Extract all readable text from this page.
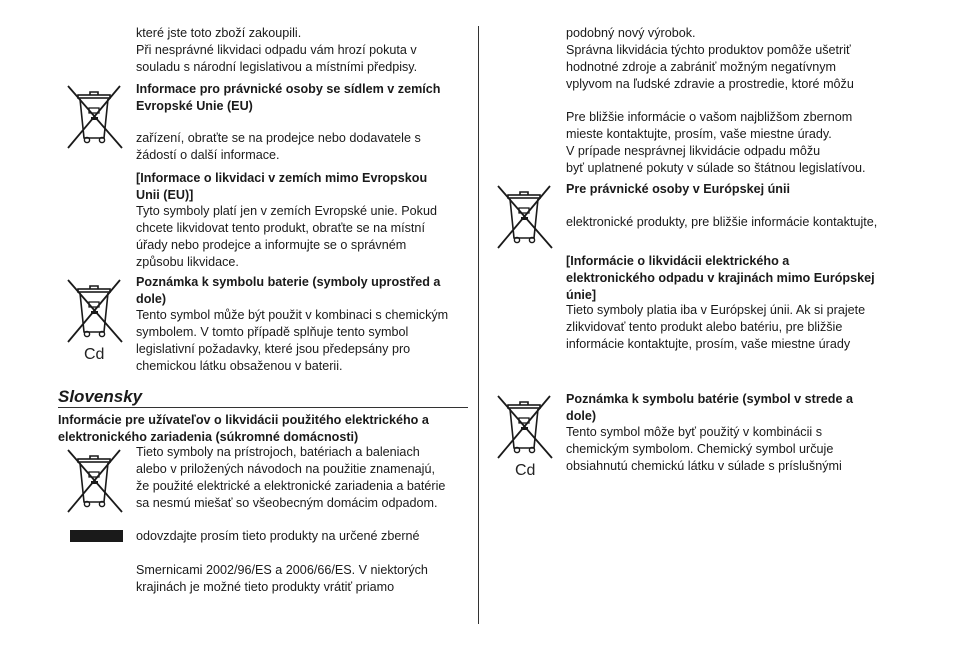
které jste toto zboží zakoupili.

Při nesprávné likvidaci odpadu vám hrozí pokuta v

souladu s národní legislativou a místními předpisy.

Informace pro právnické osoby se sídlem v zemích

Evropské Unie (EU)

zařízení, obraťte se na prodejce nebo dodavatele s

žádostí o další informace.

[Informace o likvidaci v zemích mimo Evropskou

Unii (EU)]

Tyto symboly platí jen v zemích Evropské unie. Pokud

chcete likvidovat tento produkt, obraťte se na místní

úřady nebo prodejce a informujte se o správném

způsobu likvidace.

Cd

Poznámka k symbolu baterie (symboly uprostřed a

dole)

Tento symbol může být použit v kombinaci s chemickým

symbolem. V tomto případě splňuje tento symbol

legislativní požadavky, které jsou předepsány pro

chemickou látku obsaženou v baterii.

Slovensky

Informácie pre užívateľov o likvidácii použitého elektrického a

elektronického zariadenia (súkromné domácnosti)

Tieto symboly na prístrojoch, batériach a baleniach

alebo v priložených návodoch na použitie znamenajú,

že použité elektrické a elektronické zariadenia a batérie

sa nesmú miešať so všeobecným domácim odpadom.

odovzdajte prosím tieto produkty na určené zberné

Smernicami 2002/96/ES a 2006/66/ES. V niektorých

krajinách je možné tieto produkty vrátiť priamo

podobný nový výrobok.

Správna likvidácia týchto produktov pomôže ušetriť

hodnotné zdroje a zabrániť možným negatívnym

vplyvom na ľudské zdravie a prostredie, ktoré môžu

Pre bližšie informácie o vašom najbližšom zbernom

mieste kontaktujte, prosím, vaše miestne úrady.

V prípade nesprávnej likvidácie odpadu môžu

byť uplatnené pokuty v súlade so štátnou legislatívou.

Pre právnické osoby v Európskej únii

elektronické produkty, pre bližšie informácie kontaktujte,

[Informácie o likvidácii elektrického a

elektronického odpadu v krajinách mimo Európskej

únie]

Tieto symboly platia iba v Európskej únii. Ak si prajete

zlikvidovať tento produkt alebo batériu, pre bližšie

informácie kontaktujte, prosím, vaše miestne úrady

Cd

Poznámka k symbolu batérie (symbol v strede a

dole)

Tento symbol môže byť použitý v kombinácii s

chemickým symbolom. Chemický symbol určuje

obsiahnutú chemickú látku v súlade s príslušnými
